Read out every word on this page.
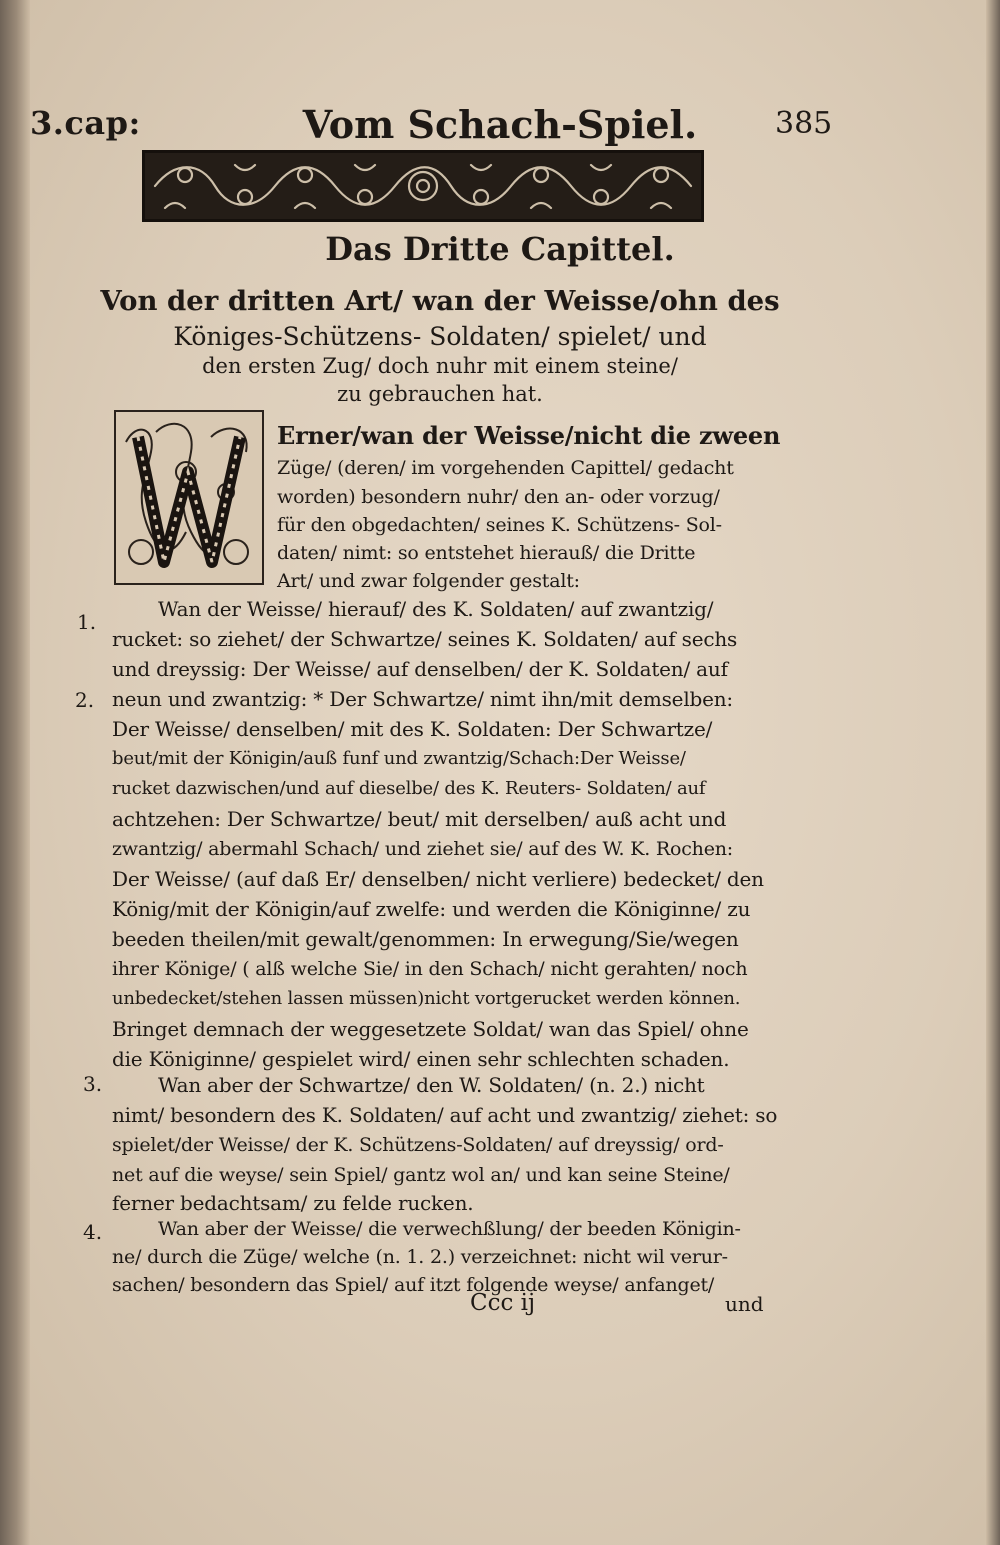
3.cap:	Vom Schach-Spiel.	385
Das Dritte Capittel.
Von der dritten Art/ wan der Weisse/ohn des
Königes-Schützens- Soldaten/ spielet/ und
den ersten Zug/ doch nuhr mit einem steine/
zu gebrauchen hat.
Erner/wan der Weisse/nicht die zween
Züge/ (deren/ im vorgehenden Capittel/ gedacht
worden) besondern nuhr/ den an- oder vorzug/
für den obgedachten/ seines K. Schützens- Sol-
daten/ nimt: so entstehet hierauß/ die Dritte
Art/ und zwar folgender gestalt:
Wan der Weisse/ hierauf/ des K. Soldaten/ auf zwantzig/
rucket: so ziehet/ der Schwartze/ seines K. Soldaten/ auf sechs
und dreyssig: Der Weisse/ auf denselben/ der K. Soldaten/ auf
neun und zwantzig: * Der Schwartze/ nimt ihn/mit demselben:
Der Weisse/ denselben/ mit des K. Soldaten: Der Schwartze/
beut/mit der Königin/auß funf und zwantzig/Schach:Der Weisse/
rucket dazwischen/und auf dieselbe/ des K. Reuters- Soldaten/ auf
achtzehen: Der Schwartze/ beut/ mit derselben/ auß acht und
zwantzig/ abermahl Schach/ und ziehet sie/ auf des W. K. Rochen:
Der Weisse/ (auf daß Er/ denselben/ nicht verliere) bedecket/ den
König/mit der Königin/auf zwelfe: und werden die Königinne/ zu
beeden theilen/mit gewalt/genommen: In erwegung/Sie/wegen
ihrer Könige/ ( alß welche Sie/ in den Schach/ nicht gerahten/ noch
unbedecket/stehen lassen müssen)nicht vortgerucket werden können.
Bringet demnach der weggesetzete Soldat/ wan das Spiel/ ohne
die Königinne/ gespielet wird/ einen sehr schlechten schaden.
Wan aber der Schwartze/ den W. Soldaten/ (n. 2.) nicht
nimt/ besondern des K. Soldaten/ auf acht und zwantzig/ ziehet: so
spielet/der Weisse/ der K. Schützens-Soldaten/ auf dreyssig/ ord-
net auf die weyse/ sein Spiel/ gantz wol an/ und kan seine Steine/
ferner bedachtsam/ zu felde rucken.
Wan aber der Weisse/ die verwechßlung/ der beeden Königin-
ne/ durch die Züge/ welche (n. 1. 2.) verzeichnet: nicht wil verur-
sachen/ besondern das Spiel/ auf itzt folgende weyse/ anfanget/
1.
2.
3.
4.
Ccc ij	und
